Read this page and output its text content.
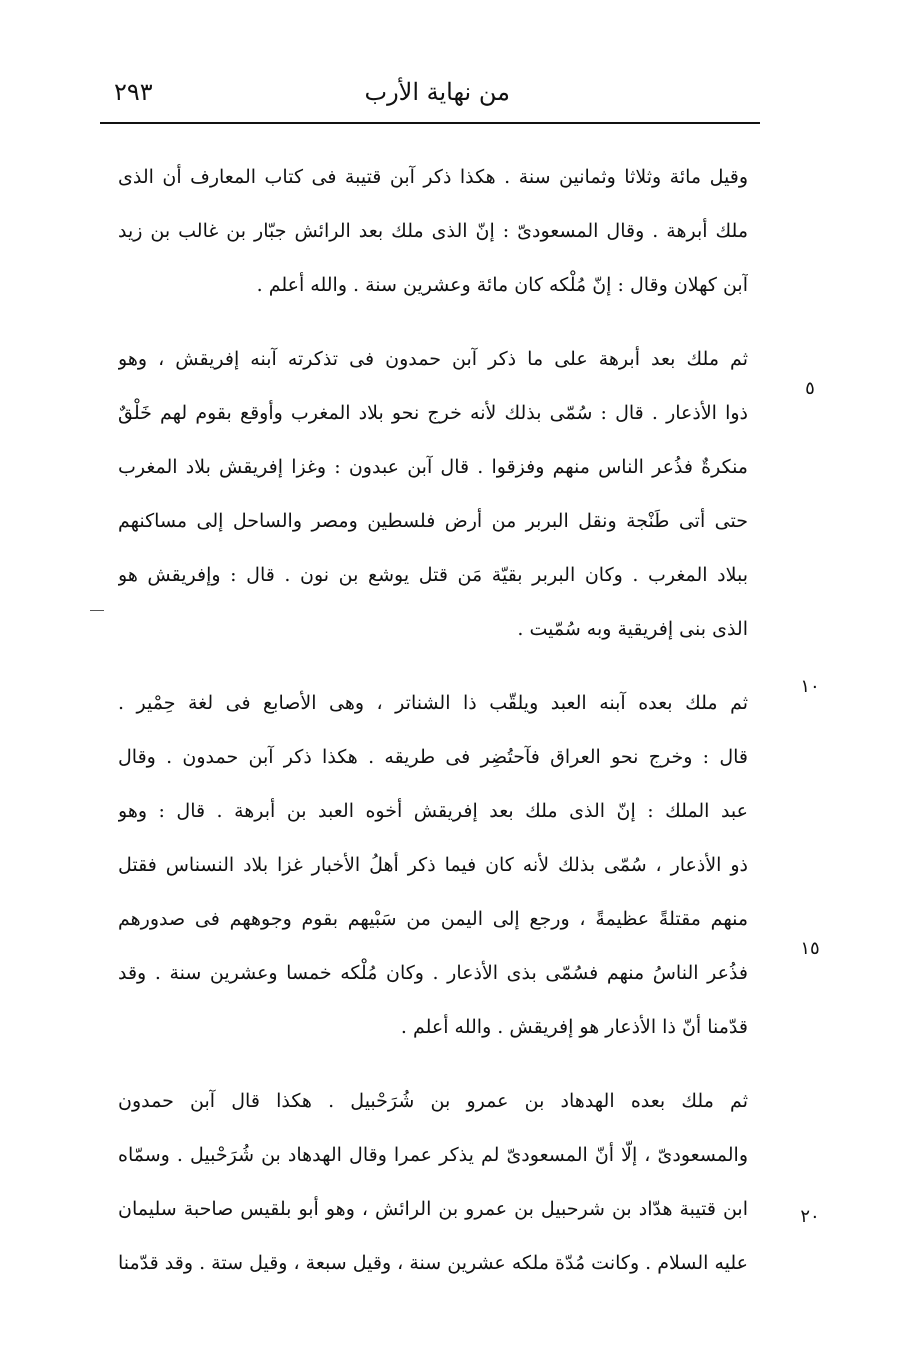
من نهاية الأرب
٢٩٣
وقيل مائة وثلاثا وثمانين سنة . هكذا ذكر آبن قتيبة فى كتاب المعارف أن الذى
ملك أبرهة . وقال المسعودىّ : إنّ الذى ملك بعد الرائش جبّار بن غالب بن زيد
آبن كهلان وقال : إنّ مُلْكه كان مائة وعشرين سنة . والله أعلم .
ثم ملك بعد أبرهة على ما ذكر آبن حمدون فى تذكرته آبنه إفريقش ، وهو
ذوا الأذعار . قال : سُمّى بذلك لأنه خرج نحو بلاد المغرب وأوقع بقوم لهم خَلْقٌ
منكرةٌ فذُعر الناس منهم وفزقوا . قال آبن عبدون : وغزا إفريقش بلاد المغرب
حتى أتى طَنْجة ونقل البربر من أرض فلسطين ومصر والساحل إلى مساكنهم
ببلاد المغرب . وكان البربر بقيّة مَن قتل يوشع بن نون . قال : وإفريقش هو
الذى بنى إفريقية وبه سُمّيت .
ثم ملك بعده آبنه العبد ويلقّب ذا الشناتر ، وهى الأصابع فى لغة حِمْير .
قال : وخرج نحو العراق فآحتُضِر فى طريقه . هكذا ذكر آبن حمدون . وقال
عبد الملك : إنّ الذى ملك بعد إفريقش أخوه العبد بن أبرهة . قال : وهو
ذو الأذعار ، سُمّى بذلك لأنه كان فيما ذكر أهلُ الأخبار غزا بلاد النسناس فقتل
منهم مقتلةً عظيمةً ، ورجع إلى اليمن من سَبْيهم بقوم وجوههم فى صدورهم
فذُعر الناسُ منهم فسُمّى بذى الأذعار . وكان مُلْكه خمسا وعشرين سنة . وقد
قدّمنا أنّ ذا الأذعار هو إفريقش . والله أعلم .
ثم ملك بعده الهدهاد بن عمرو بن شُرَحْبيل . هكذا قال آبن حمدون
والمسعودىّ ، إلّا أنّ المسعودىّ لم يذكر عمرا وقال الهدهاد بن شُرَحْبيل . وسمّاه
ابن قتيبة هدّاد بن شرحبيل بن عمرو بن الرائش ، وهو أبو بلقيس صاحبة سليمان
عليه السلام . وكانت مُدّة ملكه عشرين سنة ، وقيل سبعة ، وقيل ستة . وقد قدّمنا
٥
١٠
١٥
٢٠
